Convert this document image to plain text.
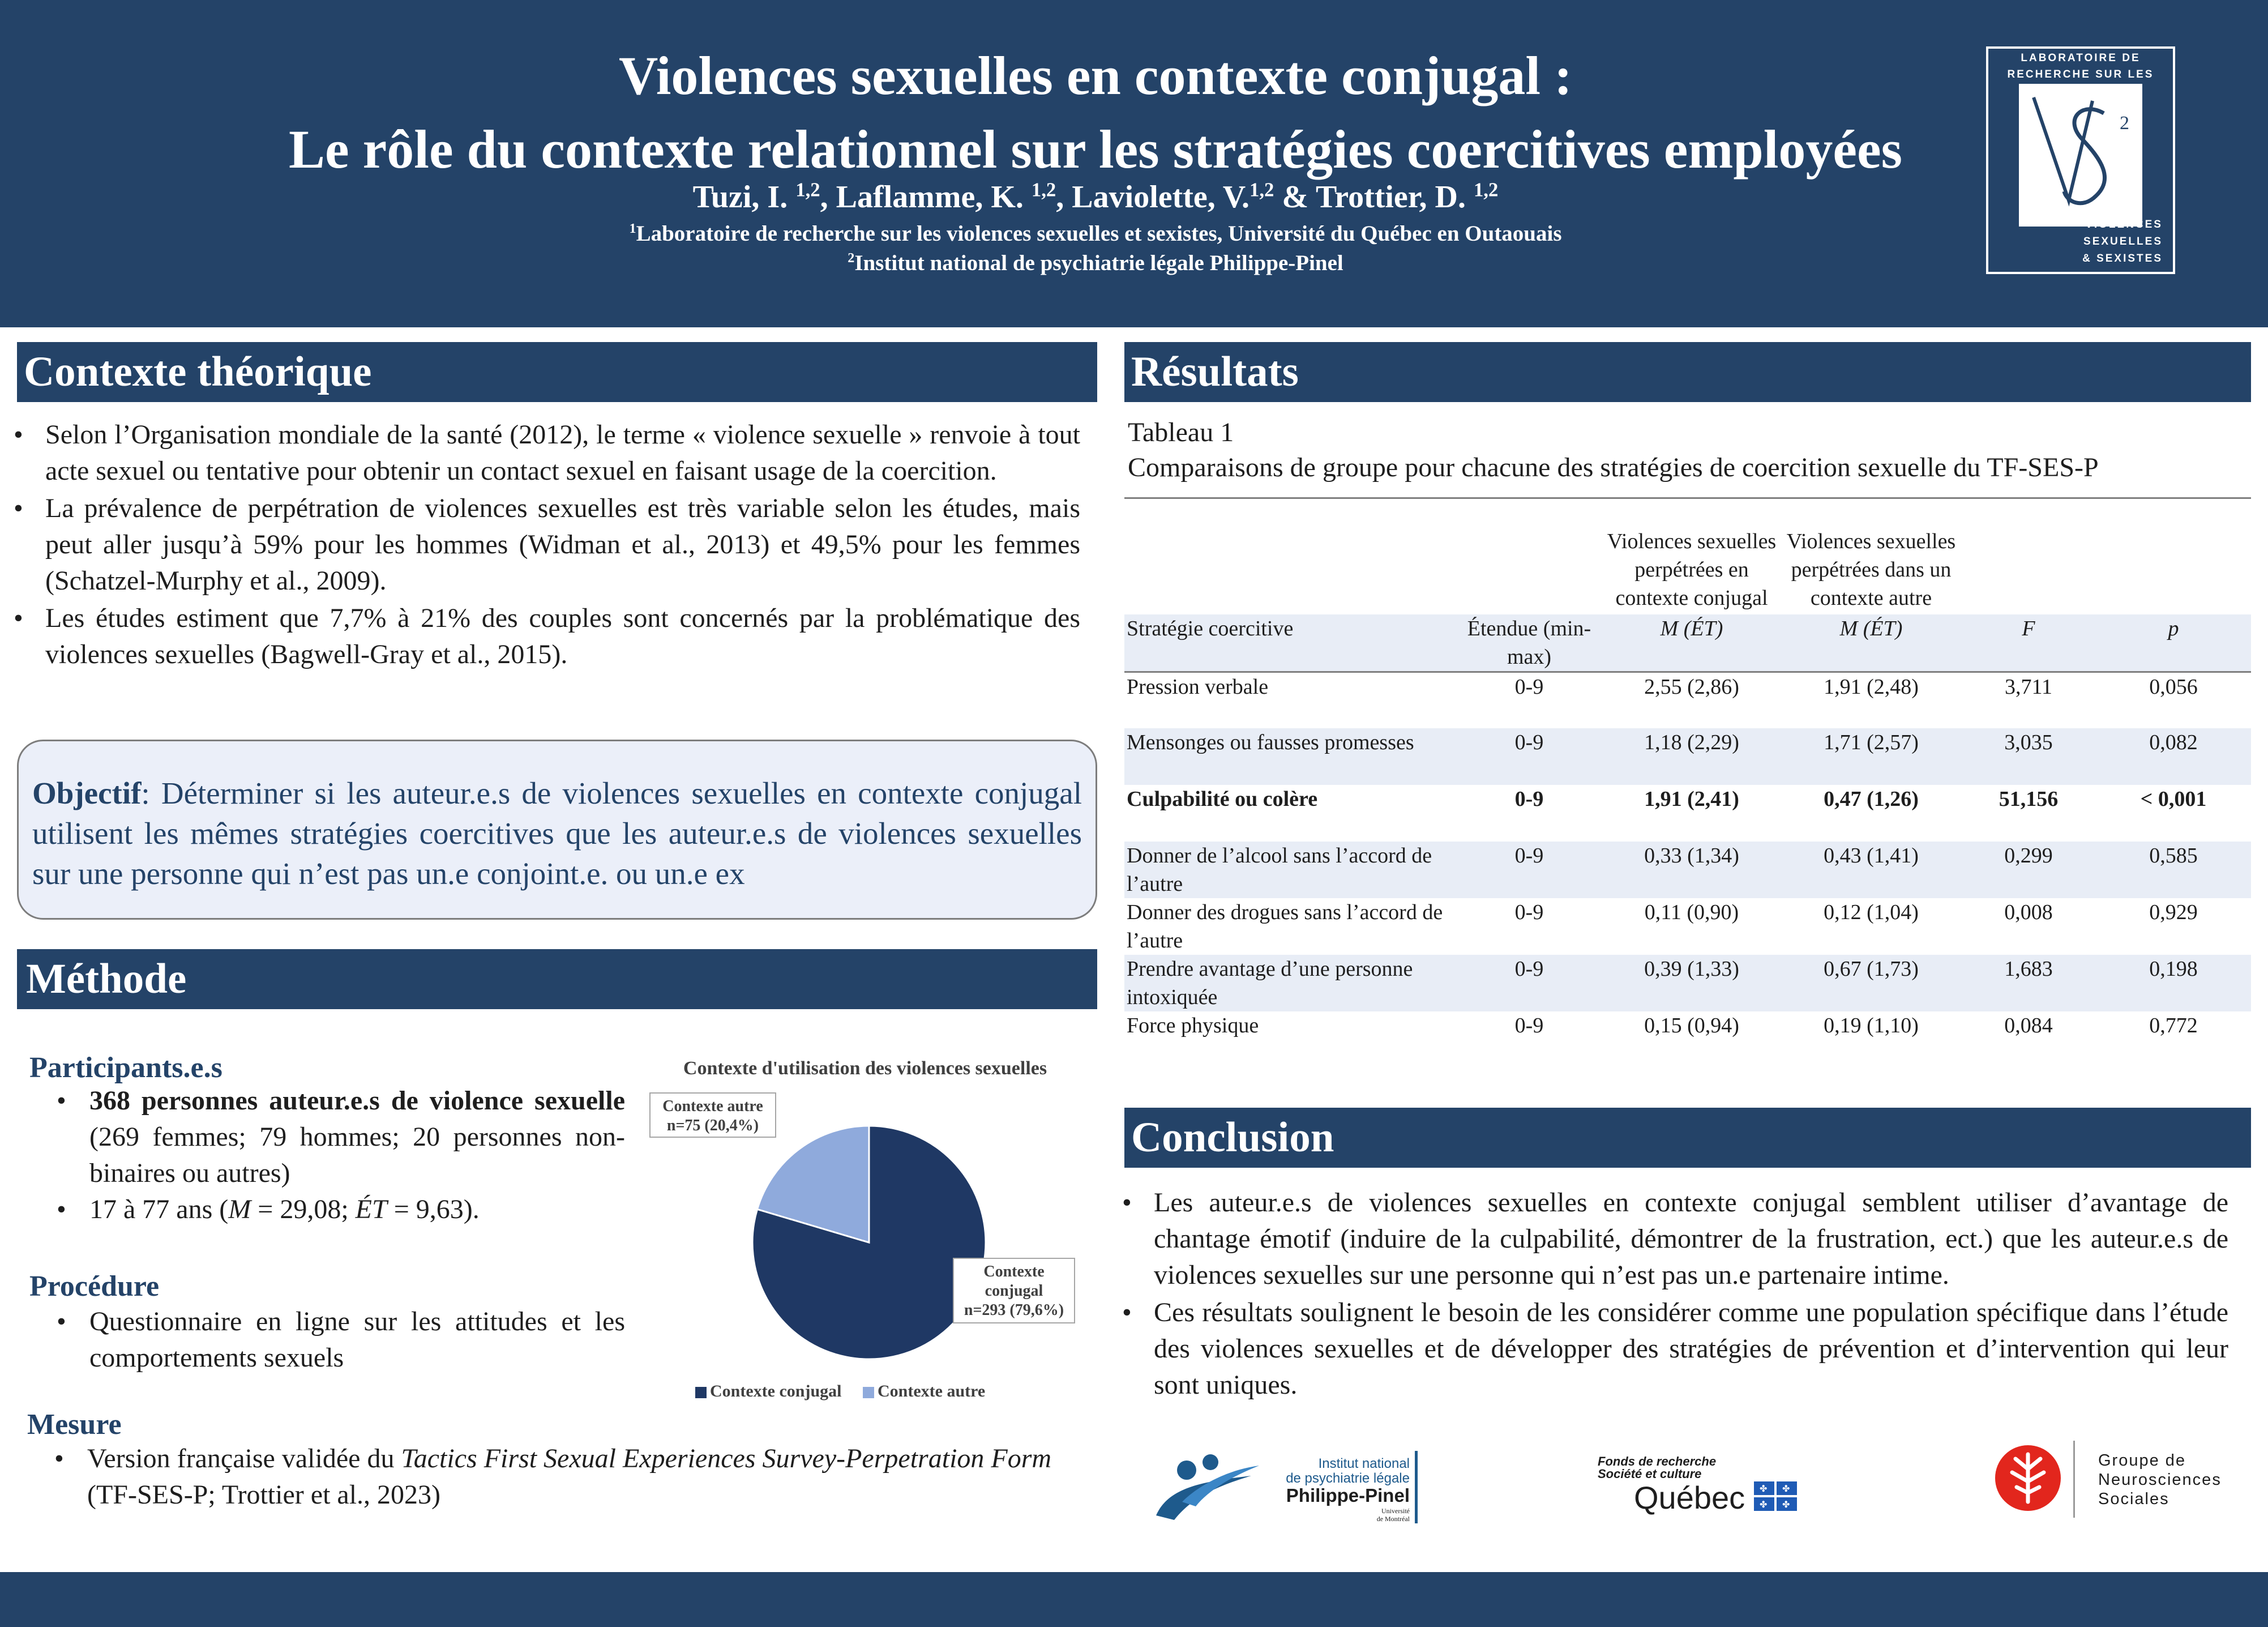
Violences sexuelles en contexte conjugal :
Le rôle du contexte relationnel sur les stratégies coercitives employées
Tuzi, I. $^{1,2}$, Laflamme, K. $^{1,2}$, Laviolette, V.$^{1,2}$ & Trottier, D. $^{1,2}$
$^1$Laboratoire de recherche sur les violences sexuelles et sexistes, Université du Québec en Outaouais
$^2$Institut national de psychiatrie légale Philippe-Pinel
LABORATOIRE DE
RECHERCHE SUR LES
2
VIOLENCES
SEXUELLES
& SEXISTES
Contexte théorique
• Selon l’Organisation mondiale de la santé (2012), le terme « violence sexuelle » renvoie à tout acte sexuel ou tentative pour obtenir un contact sexuel en faisant usage de la coercition.
• La prévalence de perpétration de violences sexuelles est très variable selon les études, mais peut aller jusqu’à 59% pour les hommes (Widman et al., 2013) et 49,5% pour les femmes (Schatzel-Murphy et al., 2009).
• Les études estiment que 7,7% à 21% des couples sont concernés par la problématique des violences sexuelles (Bagwell-Gray et al., 2015).
Objectif: Déterminer si les auteur.e.s de violences sexuelles en contexte conjugal utilisent les mêmes stratégies coercitives que les auteur.e.s de violences sexuelles sur une personne qui n’est pas un.e conjoint.e. ou un.e ex
Méthode
Participants.e.s
• 368 personnes auteur.e.s de violence sexuelle (269 femmes; 79 hommes; 20 personnes non-binaires ou autres)
• 17 à 77 ans (M = 29,08; ÉT = 9,63).
Procédure
• Questionnaire en ligne sur les attitudes et les comportements sexuels
Mesure
• Version française validée du Tactics First Sexual Experiences Survey-Perpetration Form (TF-SES-P; Trottier et al., 2023)
Contexte d'utilisation des violences sexuelles
Contexte autre
n=75 (20,4%)
Contexte
conjugal
n=293 (79,6%)
Contexte conjugal Contexte autre
Résultats
Tableau 1
Comparaisons de groupe pour chacune des stratégies de coercition sexuelle du TF-SES-P
		Violences sexuelles perpétrées en contexte conjugal	Violences sexuelles perpétrées dans un contexte autre		
Stratégie coercitive	Étendue (min-max)	M (ÉT)	M (ÉT)	F	p
Pression verbale	0-9	2,55 (2,86)	1,91 (2,48)	3,711	0,056
Mensonges ou fausses promesses	0-9	1,18 (2,29)	1,71 (2,57)	3,035	0,082
Culpabilité ou colère	0-9	1,91 (2,41)	0,47 (1,26)	51,156	< 0,001
Donner de l’alcool sans l’accord de l’autre	0-9	0,33 (1,34)	0,43 (1,41)	0,299	0,585
Donner des drogues sans l’accord de l’autre	0-9	0,11 (0,90)	0,12 (1,04)	0,008	0,929
Prendre avantage d’une personne intoxiquée	0-9	0,39 (1,33)	0,67 (1,73)	1,683	0,198
Force physique	0-9	0,15 (0,94)	0,19 (1,10)	0,084	0,772
Conclusion
• Les auteur.e.s de violences sexuelles en contexte conjugal semblent utiliser d’avantage de chantage émotif (induire de la culpabilité, démontrer de la frustration, ect.) que les auteur.e.s de violences sexuelles sur une personne qui n’est pas un.e partenaire intime.
• Ces résultats soulignent le besoin de les considérer comme une population spécifique dans l’étude des violences sexuelles et de développer des stratégies de prévention et d’intervention qui leur sont uniques.
Institut national
de psychiatrie légale
Philippe-Pinel
Université
de Montréal
Fonds de recherche
Société et culture
Québec ✤ ✤
✤ ✤
Groupe de
Neurosciences
Sociales
